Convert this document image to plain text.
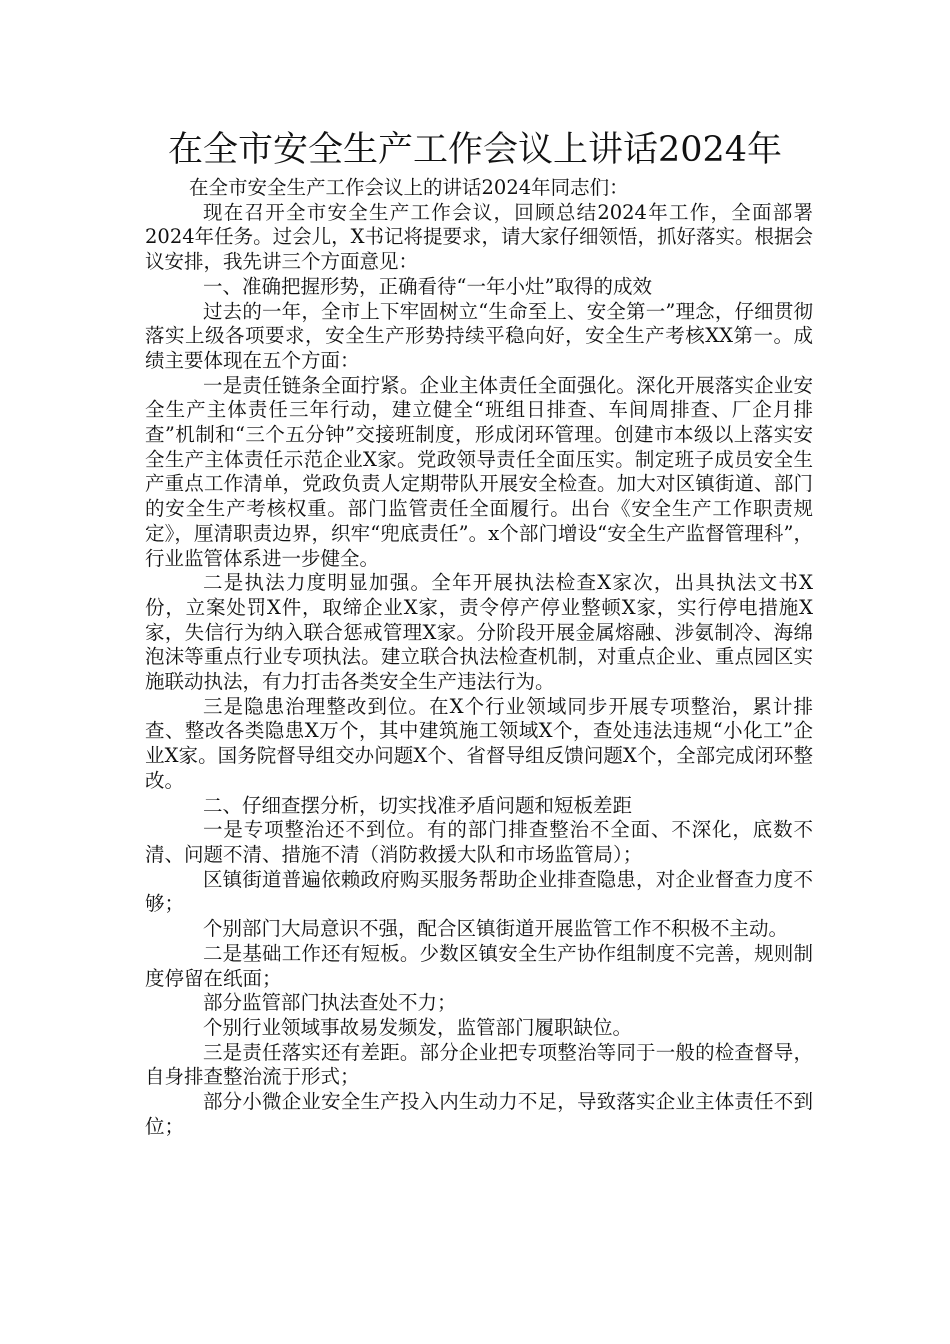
在全市安全生产工作会议上讲话2024年

在全市安全生产工作会议上的讲话2024年同志们：

现在召开全市安全生产工作会议，回顾总结2024年工作，全面部署2024年任务。过会儿，X书记将提要求，请大家仔细领悟，抓好落实。根据会议安排，我先讲三个方面意见：

一、准确把握形势，正确看待“一年小灶”取得的成效

过去的一年，全市上下牢固树立“生命至上、安全第一”理念，仔细贯彻落实上级各项要求，安全生产形势持续平稳向好，安全生产考核XX第一。成绩主要体现在五个方面：

一是责任链条全面拧紧。企业主体责任全面强化。深化开展落实企业安全生产主体责任三年行动，建立健全“班组日排查、车间周排查、厂企月排查”机制和“三个五分钟”交接班制度，形成闭环管理。创建市本级以上落实安全生产主体责任示范企业X家。党政领导责任全面压实。制定班子成员安全生产重点工作清单，党政负责人定期带队开展安全检查。加大对区镇街道、部门的安全生产考核权重。部门监管责任全面履行。出台《安全生产工作职责规定》，厘清职责边界，织牢“兜底责任”。x个部门增设“安全生产监督管理科”，行业监管体系进一步健全。

二是执法力度明显加强。全年开展执法检查X家次，出具执法文书X份，立案处罚X件，取缔企业X家，责令停产停业整顿X家，实行停电措施X家，失信行为纳入联合惩戒管理X家。分阶段开展金属熔融、涉氨制冷、海绵泡沫等重点行业专项执法。建立联合执法检查机制，对重点企业、重点园区实施联动执法，有力打击各类安全生产违法行为。

三是隐患治理整改到位。在X个行业领域同步开展专项整治，累计排查、整改各类隐患X万个，其中建筑施工领域X个，查处违法违规“小化工”企业X家。国务院督导组交办问题X个、省督导组反馈问题X个，全部完成闭环整改。

二、仔细查摆分析，切实找准矛盾问题和短板差距

一是专项整治还不到位。有的部门排查整治不全面、不深化，底数不清、问题不清、措施不清（消防救援大队和市场监管局）；

区镇街道普遍依赖政府购买服务帮助企业排查隐患，对企业督查力度不够；

个别部门大局意识不强，配合区镇街道开展监管工作不积极不主动。

二是基础工作还有短板。少数区镇安全生产协作组制度不完善，规则制度停留在纸面；

部分监管部门执法查处不力；

个别行业领域事故易发频发，监管部门履职缺位。

三是责任落实还有差距。部分企业把专项整治等同于一般的检查督导，自身排查整治流于形式；

部分小微企业安全生产投入内生动力不足，导致落实企业主体责任不到位；
